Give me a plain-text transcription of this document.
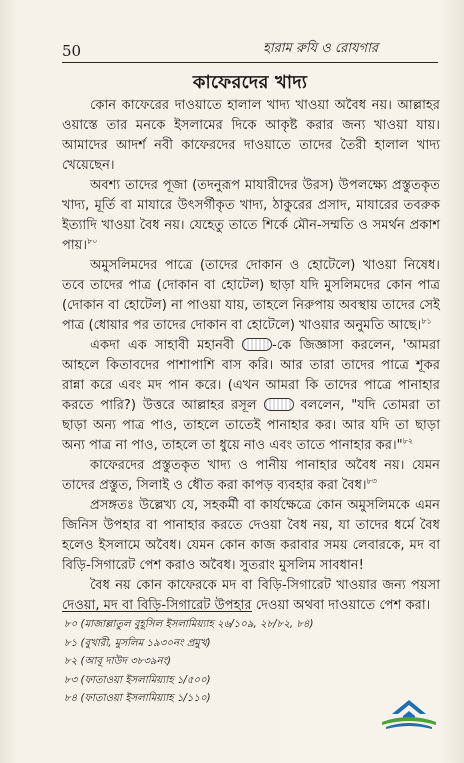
50	হারাম রুযি ও রোযগার
কাফেরদের খাদ্য

কোন কাফেরের দাওয়াতে হালাল খাদ্য খাওয়া অবৈধ নয়। আল্লাহর ওয়াস্তে তার মনকে ইসলামের দিকে আকৃষ্ট করার জন্য খাওয়া যায়। আমাদের আদর্শ নবী কাফেরদের দাওয়াতে তাদের তৈরী হালাল খাদ্য খেয়েছেন।

অবশ্য তাদের পূজা (তদনুরূপ মাযারীদের উরস) উপলক্ষ্যে প্রস্তুতকৃত খাদ্য, মূর্তি বা মাযারে উৎসর্গীকৃত খাদ্য, ঠাকুরের প্রসাদ, মাযারের তবরুক ইত্যাদি খাওয়া বৈধ নয়। যেহেতু তাতে শির্কে মৌন-সম্মতি ও সমর্থন প্রকাশ পায়।$^{৮০}$

অমুসলিমদের পাত্রে (তাদের দোকান ও হোটেলে) খাওয়া নিষেধ। তবে তাদের পাত্র (দোকান বা হোটেল) ছাড়া যদি মুসলিমদের কোন পাত্র (দোকান বা হোটেল) না পাওয়া যায়, তাহলে নিরুপায় অবস্থায় তাদের সেই পাত্র (ধোয়ার পর তাদের দোকান বা হোটেলে) খাওয়ার অনুমতি আছে।$^{৮১}$

একদা এক সাহাবী মহানবী	-কে জিজ্ঞাসা করলেন, 'আমরা আহলে কিতাবদের পাশাপাশি বাস করি। আর তারা তাদের পাত্রে শূকর রান্না করে এবং মদ পান করে। (এখন আমরা কি তাদের পাত্রে পানাহার করতে পারি?) উত্তরে আল্লাহর রসূল	বললেন, "যদি তোমরা তা ছাড়া অন্য পাত্র পাও, তাহলে তাতেই পানাহার কর। আর যদি তা ছাড়া অন্য পাত্র না পাও, তাহলে তা ধুয়ে নাও এবং তাতে পানাহার কর।"$^{৮২}$

কাফেরদের প্রস্তুতকৃত খাদ্য ও পানীয় পানাহার অবৈধ নয়। যেমন তাদের প্রস্তুত, সিলাই ও ধৌত করা কাপড় ব্যবহার করা বৈধ।$^{৮৩}$

প্রসঙ্গতঃ উল্লেখ্য যে, সহকর্মী বা কার্যক্ষেত্রে কোন অমুসলিমকে এমন জিনিস উপহার বা পানাহার করতে দেওয়া বৈধ নয়, যা তাদের ধর্মে বৈধ হলেও ইসলামে অবৈধ। যেমন কোন কাজ করাবার সময় লেবারকে, মদ বা বিড়ি-সিগারেট পেশ করাও অবৈধ। সুতরাং মুসলিম সাবধান!

বৈধ নয় কোন কাফেরকে মদ বা বিড়ি-সিগারেট খাওয়ার জন্য পয়সা দেওয়া, মদ বা বিড়ি-সিগারেট উপহার দেওয়া অথবা দাওয়াতে পেশ করা।

৮০ (মাজাল্লাতুল বুহূসিল ইসলামিয়্যাহ ২৬/১০৯, ২৮/৮২, ৮৪)
৮১ (বুখারী, মুসলিম ১৯৩০নং প্রমুখ)
৮২ (আবূ দাউদ ৩৮৩৯নং)
৮৩ (ফাতাওয়া ইসলামিয়্যাহ ১/৫০০)
৮৪ (ফাতাওয়া ইসলামিয়্যাহ ১/১১০)
